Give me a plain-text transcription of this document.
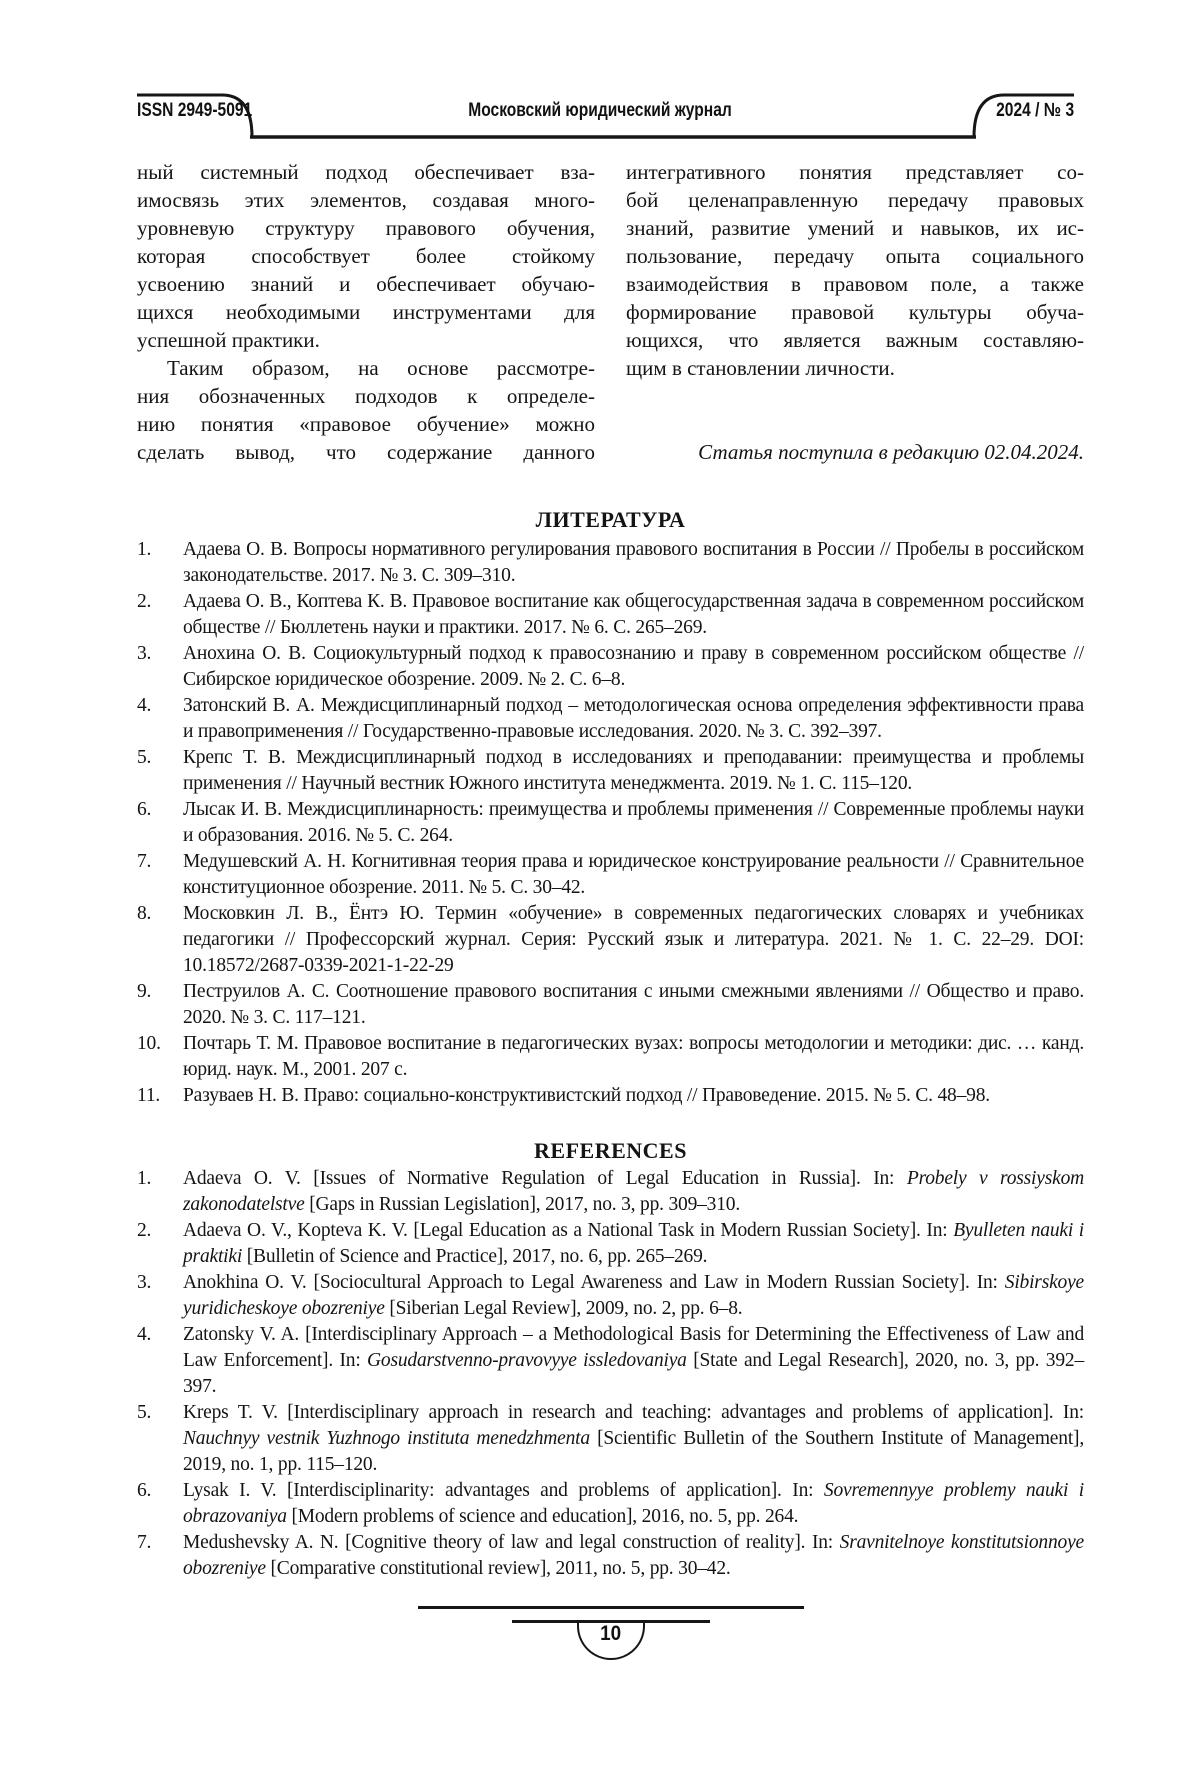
ISSN 2949-5091	Московский юридический журнал	2024 / № 3
ный системный подход обеспечивает вза-
имосвязь этих элементов, создавая много-
уровневую структуру правового обучения,
которая способствует более стойкому
усвоению знаний и обеспечивает обучаю-
щихся необходимыми инструментами для
успешной практики.
Таким образом, на основе рассмотре-
ния обозначенных подходов к определе-
нию понятия «правовое обучение» можно
сделать вывод, что содержание данного
интегративного понятия представляет со-
бой целенаправленную передачу правовых
знаний, развитие умений и навыков, их ис-
пользование, передачу опыта социального
взаимодействия в правовом поле, а также
формирование правовой культуры обуча-
ющихся, что является важным составляю-
щим в становлении личности.
Статья поступила в редакцию 02.04.2024.
ЛИТЕРАТУРА
1.	Адаева О. В. Вопросы нормативного регулирования правового воспитания в России // Пробелы в российском законодательстве. 2017. № 3. С. 309–310.
2.	Адаева О. В., Коптева К. В. Правовое воспитание как общегосударственная задача в современном российском обществе // Бюллетень науки и практики. 2017. № 6. С. 265–269.
3.	Анохина О. В. Социокультурный подход к правосознанию и праву в современном российском обществе // Сибирское юридическое обозрение. 2009. № 2. С. 6–8.
4.	Затонский В. А. Междисциплинарный подход – методологическая основа определения эффективности права и правоприменения // Государственно-правовые исследования. 2020. № 3. С. 392–397.
5.	Крепс Т. В. Междисциплинарный подход в исследованиях и преподавании: преимущества и проблемы применения // Научный вестник Южного института менеджмента. 2019. № 1. С. 115–120.
6.	Лысак И. В. Междисциплинарность: преимущества и проблемы применения // Современные проблемы науки и образования. 2016. № 5. С. 264.
7.	Медушевский А. Н. Когнитивная теория права и юридическое конструирование реальности // Сравнительное конституционное обозрение. 2011. № 5. С. 30–42.
8.	Московкин Л. В., Ёнтэ Ю. Термин «обучение» в современных педагогических словарях и учебниках педагогики // Профессорский журнал. Серия: Русский язык и литература. 2021. № 1. С. 22–29. DOI: 10.18572/2687-0339-2021-1-22-29
9.	Пеструилов А. С. Соотношение правового воспитания с иными смежными явлениями // Общество и право. 2020. № 3. С. 117–121.
10.	Почтарь Т. М. Правовое воспитание в педагогических вузах: вопросы методологии и методики: дис. … канд. юрид. наук. М., 2001. 207 с.
11.	Разуваев Н. В. Право: социально-конструктивистский подход // Правоведение. 2015. № 5. С. 48–98.
REFERENCES
1.	Adaeva O. V. [Issues of Normative Regulation of Legal Education in Russia]. In: Probely v rossiyskom zakonodatelstve [Gaps in Russian Legislation], 2017, no. 3, pp. 309–310.
2.	Adaeva O. V., Kopteva K. V. [Legal Education as a National Task in Modern Russian Society]. In: Byulleten nauki i praktiki [Bulletin of Science and Practice], 2017, no. 6, pp. 265–269.
3.	Anokhina O. V. [Sociocultural Approach to Legal Awareness and Law in Modern Russian Society]. In: Sibirskoye yuridicheskoye obozreniye [Siberian Legal Review], 2009, no. 2, pp. 6–8.
4.	Zatonsky V. A. [Interdisciplinary Approach – a Methodological Basis for Determining the Effectiveness of Law and Law Enforcement]. In: Gosudarstvenno-pravovyye issledovaniya [State and Legal Research], 2020, no. 3, pp. 392–397.
5.	Kreps T. V. [Interdisciplinary approach in research and teaching: advantages and problems of application]. In: Nauchnyy vestnik Yuzhnogo instituta menedzhmenta [Scientific Bulletin of the Southern Institute of Management], 2019, no. 1, pp. 115–120.
6.	Lysak I. V. [Interdisciplinarity: advantages and problems of application]. In: Sovremennyye problemy nauki i obrazovaniya [Modern problems of science and education], 2016, no. 5, pp. 264.
7.	Medushevsky A. N. [Cognitive theory of law and legal construction of reality]. In: Sravnitelnoye konstitutsionnoye obozreniye [Comparative constitutional review], 2011, no. 5, pp. 30–42.
10
